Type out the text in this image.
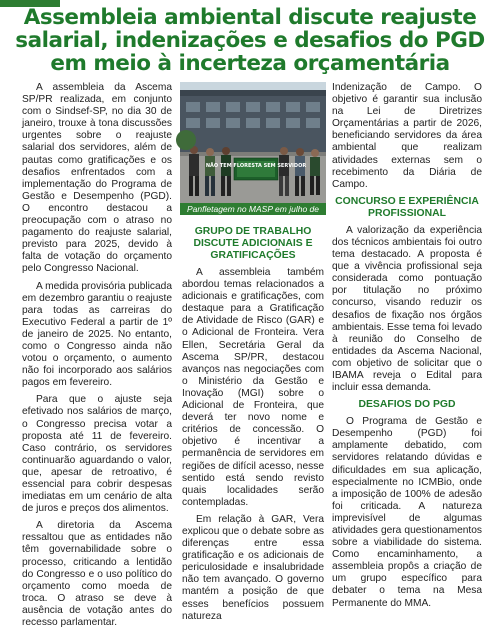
Assembleia ambiental discute reajuste salarial, indenizações e desafios do PGD em meio à incerteza orçamentária

A assembleia da Ascema SP/PR realizada, em conjunto com o Sindsef-SP, no dia 30 de janeiro, trouxe à tona discussões urgentes sobre o reajuste salarial dos servidores, além de pautas como gratificações e os desafios enfrentados com a implementação do Programa de Gestão e Desempenho (PGD). O encontro destacou a preocupação com o atraso no pagamento do reajuste salarial, previsto para 2025, devido à falta de votação do orçamento pelo Congresso Nacional.

A medida provisória publicada em dezembro garantiu o reajuste para todas as carreiras do Executivo Federal a partir de 1º de janeiro de 2025. No entanto, como o Congresso ainda não votou o orçamento, o aumento não foi incorporado aos salários pagos em fevereiro.

Para que o ajuste seja efetivado nos salários de março, o Congresso precisa votar a proposta até 11 de fevereiro. Caso contrário, os servidores continuarão aguardando o valor, que, apesar de retroativo, é essencial para cobrir despesas imediatas em um cenário de alta de juros e preços dos alimentos.

A diretoria da Ascema ressaltou que as entidades não têm governabilidade sobre o processo, criticando a lentidão do Congresso e o uso político do orçamento como moeda de troca. O atraso se deve à ausência de votação antes do recesso parlamentar.

NÃO TEM FLORESTA SEM SERVIDOR
Panfletagem no MASP em julho de 2024
GRUPO DE TRABALHO DISCUTE ADICIONAIS E GRATIFICAÇÕES

A assembleia também abordou temas relacionados a adicionais e gratificações, com destaque para a Gratificação de Atividade de Risco (GAR) e o Adicional de Fronteira. Vera Ellen, Secretária Geral da Ascema SP/PR, destacou avanços nas negociações com o Ministério da Gestão e Inovação (MGI) sobre o Adicional de Fronteira, que deverá ter novo nome e critérios de concessão. O objetivo é incentivar a permanência de servidores em regiões de difícil acesso, nesse sentido está sendo revisto quais localidades serão contempladas.

Em relação à GAR, Vera explicou que o debate sobre as diferenças entre essa gratificação e os adicionais de periculosidade e insalubridade não tem avançado. O governo mantém a posição de que esses benefícios possuem natureza

Indenização de Campo. O objetivo é garantir sua inclusão na Lei de Diretrizes Orçamentárias a partir de 2026, beneficiando servidores da área ambiental que realizam atividades externas sem o recebimento da Diária de Campo.

CONCURSO E EXPERIÊNCIA PROFISSIONAL

A valorização da experiência dos técnicos ambientais foi outro tema destacado. A proposta é que a vivência profissional seja considerada como pontuação por titulação no próximo concurso, visando reduzir os desafios de fixação nos órgãos ambientais. Esse tema foi levado à reunião do Conselho de entidades da Ascema Nacional, com objetivo de solicitar que o IBAMA reveja o Edital para incluir essa demanda.

DESAFIOS DO PGD

O Programa de Gestão e Desempenho (PGD) foi amplamente debatido, com servidores relatando dúvidas e dificuldades em sua aplicação, especialmente no ICMBio, onde a imposição de 100% de adesão foi criticada. A natureza imprevisível de algumas atividades gera questionamentos sobre a viabilidade do sistema. Como encaminhamento, a assembleia propôs a criação de um grupo específico para debater o tema na Mesa Permanente do MMA.
